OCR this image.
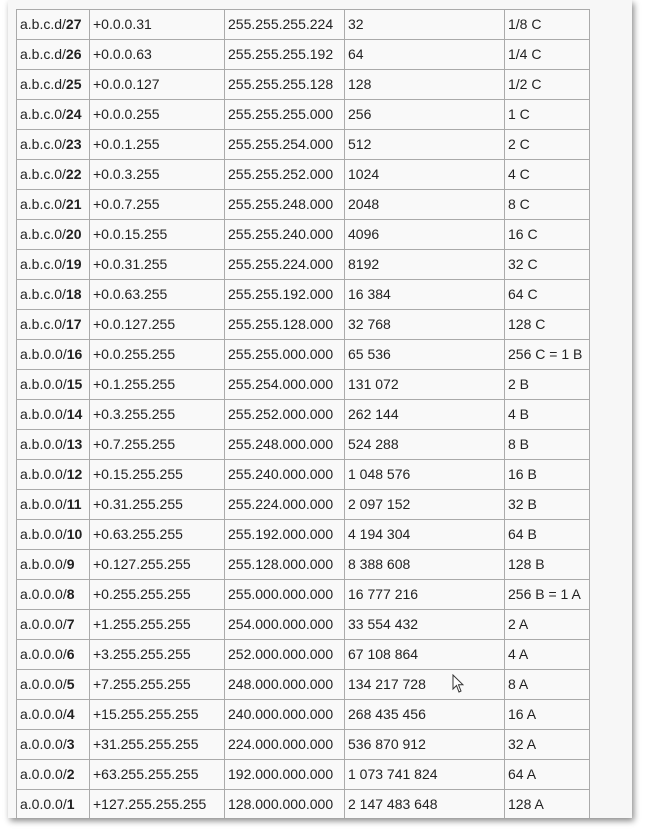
a.b.c.d/27	+0.0.0.31	255.255.255.224	32	1/8 C
a.b.c.d/26	+0.0.0.63	255.255.255.192	64	1/4 C
a.b.c.d/25	+0.0.0.127	255.255.255.128	128	1/2 C
a.b.c.0/24	+0.0.0.255	255.255.255.000	256	1 C
a.b.c.0/23	+0.0.1.255	255.255.254.000	512	2 C
a.b.c.0/22	+0.0.3.255	255.255.252.000	1024	4 C
a.b.c.0/21	+0.0.7.255	255.255.248.000	2048	8 C
a.b.c.0/20	+0.0.15.255	255.255.240.000	4096	16 C
a.b.c.0/19	+0.0.31.255	255.255.224.000	8192	32 C
a.b.c.0/18	+0.0.63.255	255.255.192.000	16 384	64 C
a.b.c.0/17	+0.0.127.255	255.255.128.000	32 768	128 C
a.b.0.0/16	+0.0.255.255	255.255.000.000	65 536	256 C = 1 B
a.b.0.0/15	+0.1.255.255	255.254.000.000	131 072	2 B
a.b.0.0/14	+0.3.255.255	255.252.000.000	262 144	4 B
a.b.0.0/13	+0.7.255.255	255.248.000.000	524 288	8 B
a.b.0.0/12	+0.15.255.255	255.240.000.000	1 048 576	16 B
a.b.0.0/11	+0.31.255.255	255.224.000.000	2 097 152	32 B
a.b.0.0/10	+0.63.255.255	255.192.000.000	4 194 304	64 B
a.b.0.0/9	+0.127.255.255	255.128.000.000	8 388 608	128 B
a.0.0.0/8	+0.255.255.255	255.000.000.000	16 777 216	256 B = 1 A
a.0.0.0/7	+1.255.255.255	254.000.000.000	33 554 432	2 A
a.0.0.0/6	+3.255.255.255	252.000.000.000	67 108 864	4 A
a.0.0.0/5	+7.255.255.255	248.000.000.000	134 217 728	8 A
a.0.0.0/4	+15.255.255.255	240.000.000.000	268 435 456	16 A
a.0.0.0/3	+31.255.255.255	224.000.000.000	536 870 912	32 A
a.0.0.0/2	+63.255.255.255	192.000.000.000	1 073 741 824	64 A
a.0.0.0/1	+127.255.255.255	128.000.000.000	2 147 483 648	128 A
